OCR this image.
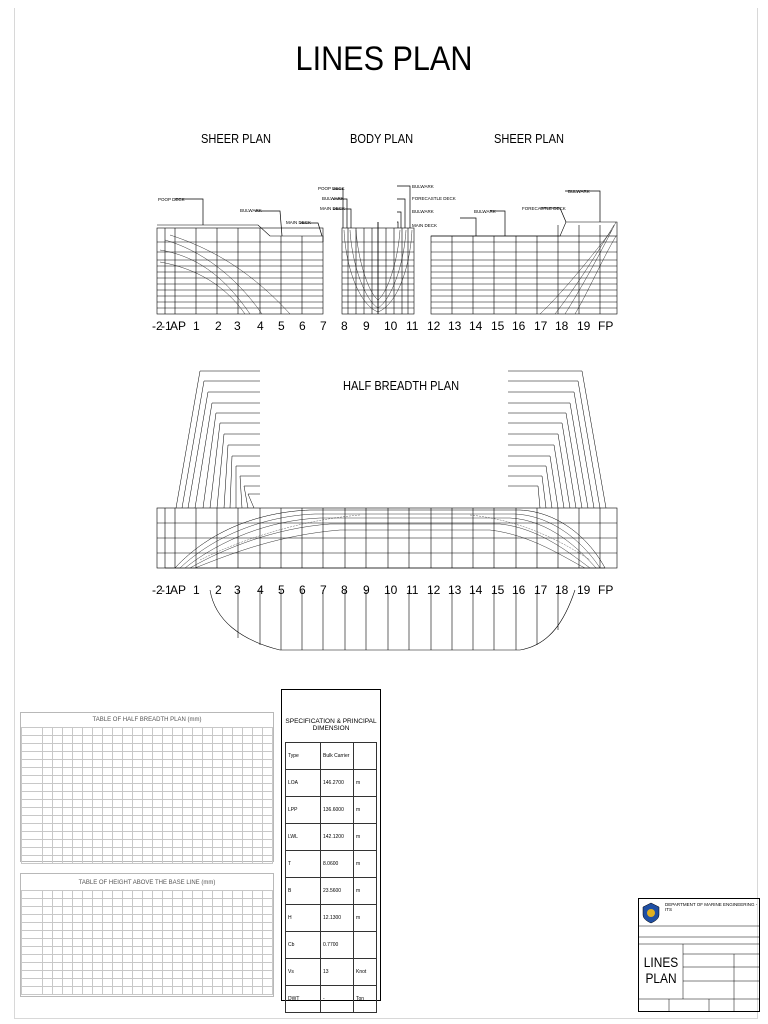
LINES PLAN
SHEER PLAN	BODY PLAN	SHEER PLAN
HALF BREADTH PLAN
POOP DECK
BULWARK
MAIN DECK
POOP DECK
BULWARK
MAIN DECK
BULWARK
FORECASTLE DECK
BULWARK
MAIN DECK
BULWARK
FORECASTLE DECK
BULWARK
-2
-1
AP 1 2 3 4 5 6 7 8 9 10 11 12 13 14 15 16 17 18 19 FP
-2
-1
AP 1 2 3 4 5 6 7 8 9 10 11 12 13 14 15 16 17 18 19 FP
TABLE OF HALF BREADTH PLAN (mm)

TABLE OF HEIGHT ABOVE THE BASE LINE (mm)

SPECIFICATION & PRINCIPAL DIMENSION
Type	Bulk Carrier	
LOA	146.2700	m
LPP	136.6000	m
LWL	142.1200	m
T	8.0600	m
B	23.5600	m
H	12.1300	m
Cb	0.7700	
Vs	13	Knot
DWT	-	Ton
DEPARTMENT OF MARINE ENGINEERING - ITS
LINES PLAN
